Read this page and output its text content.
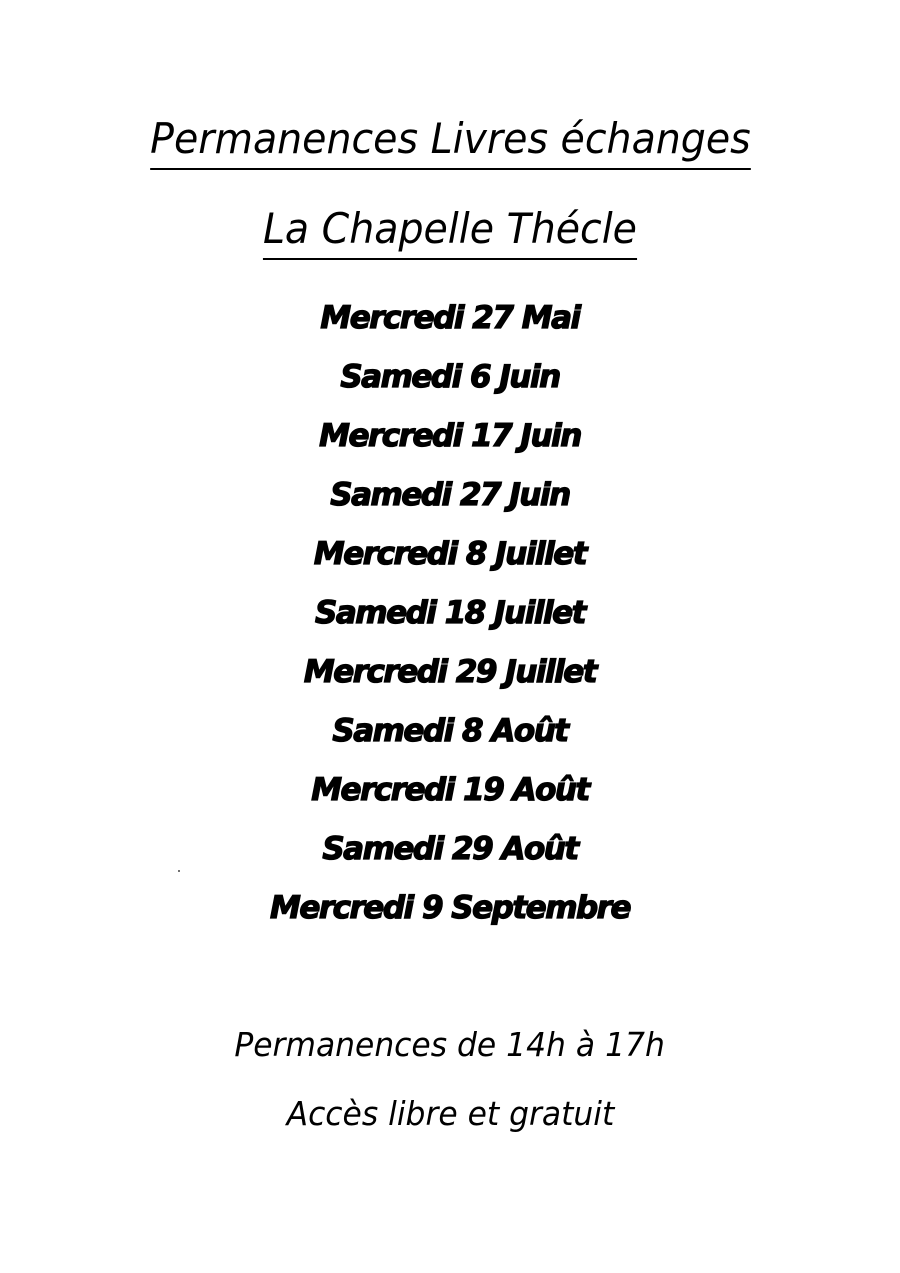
Permanences Livres échanges
La Chapelle Thécle
Mercredi 27 Mai
Samedi 6 Juin
Mercredi 17 Juin
Samedi 27 Juin
Mercredi 8 Juillet
Samedi 18 Juillet
Mercredi 29 Juillet
Samedi 8 Août
Mercredi 19 Août
Samedi 29 Août
Mercredi 9 Septembre
Permanences de 14h à 17h
Accès libre et gratuit
